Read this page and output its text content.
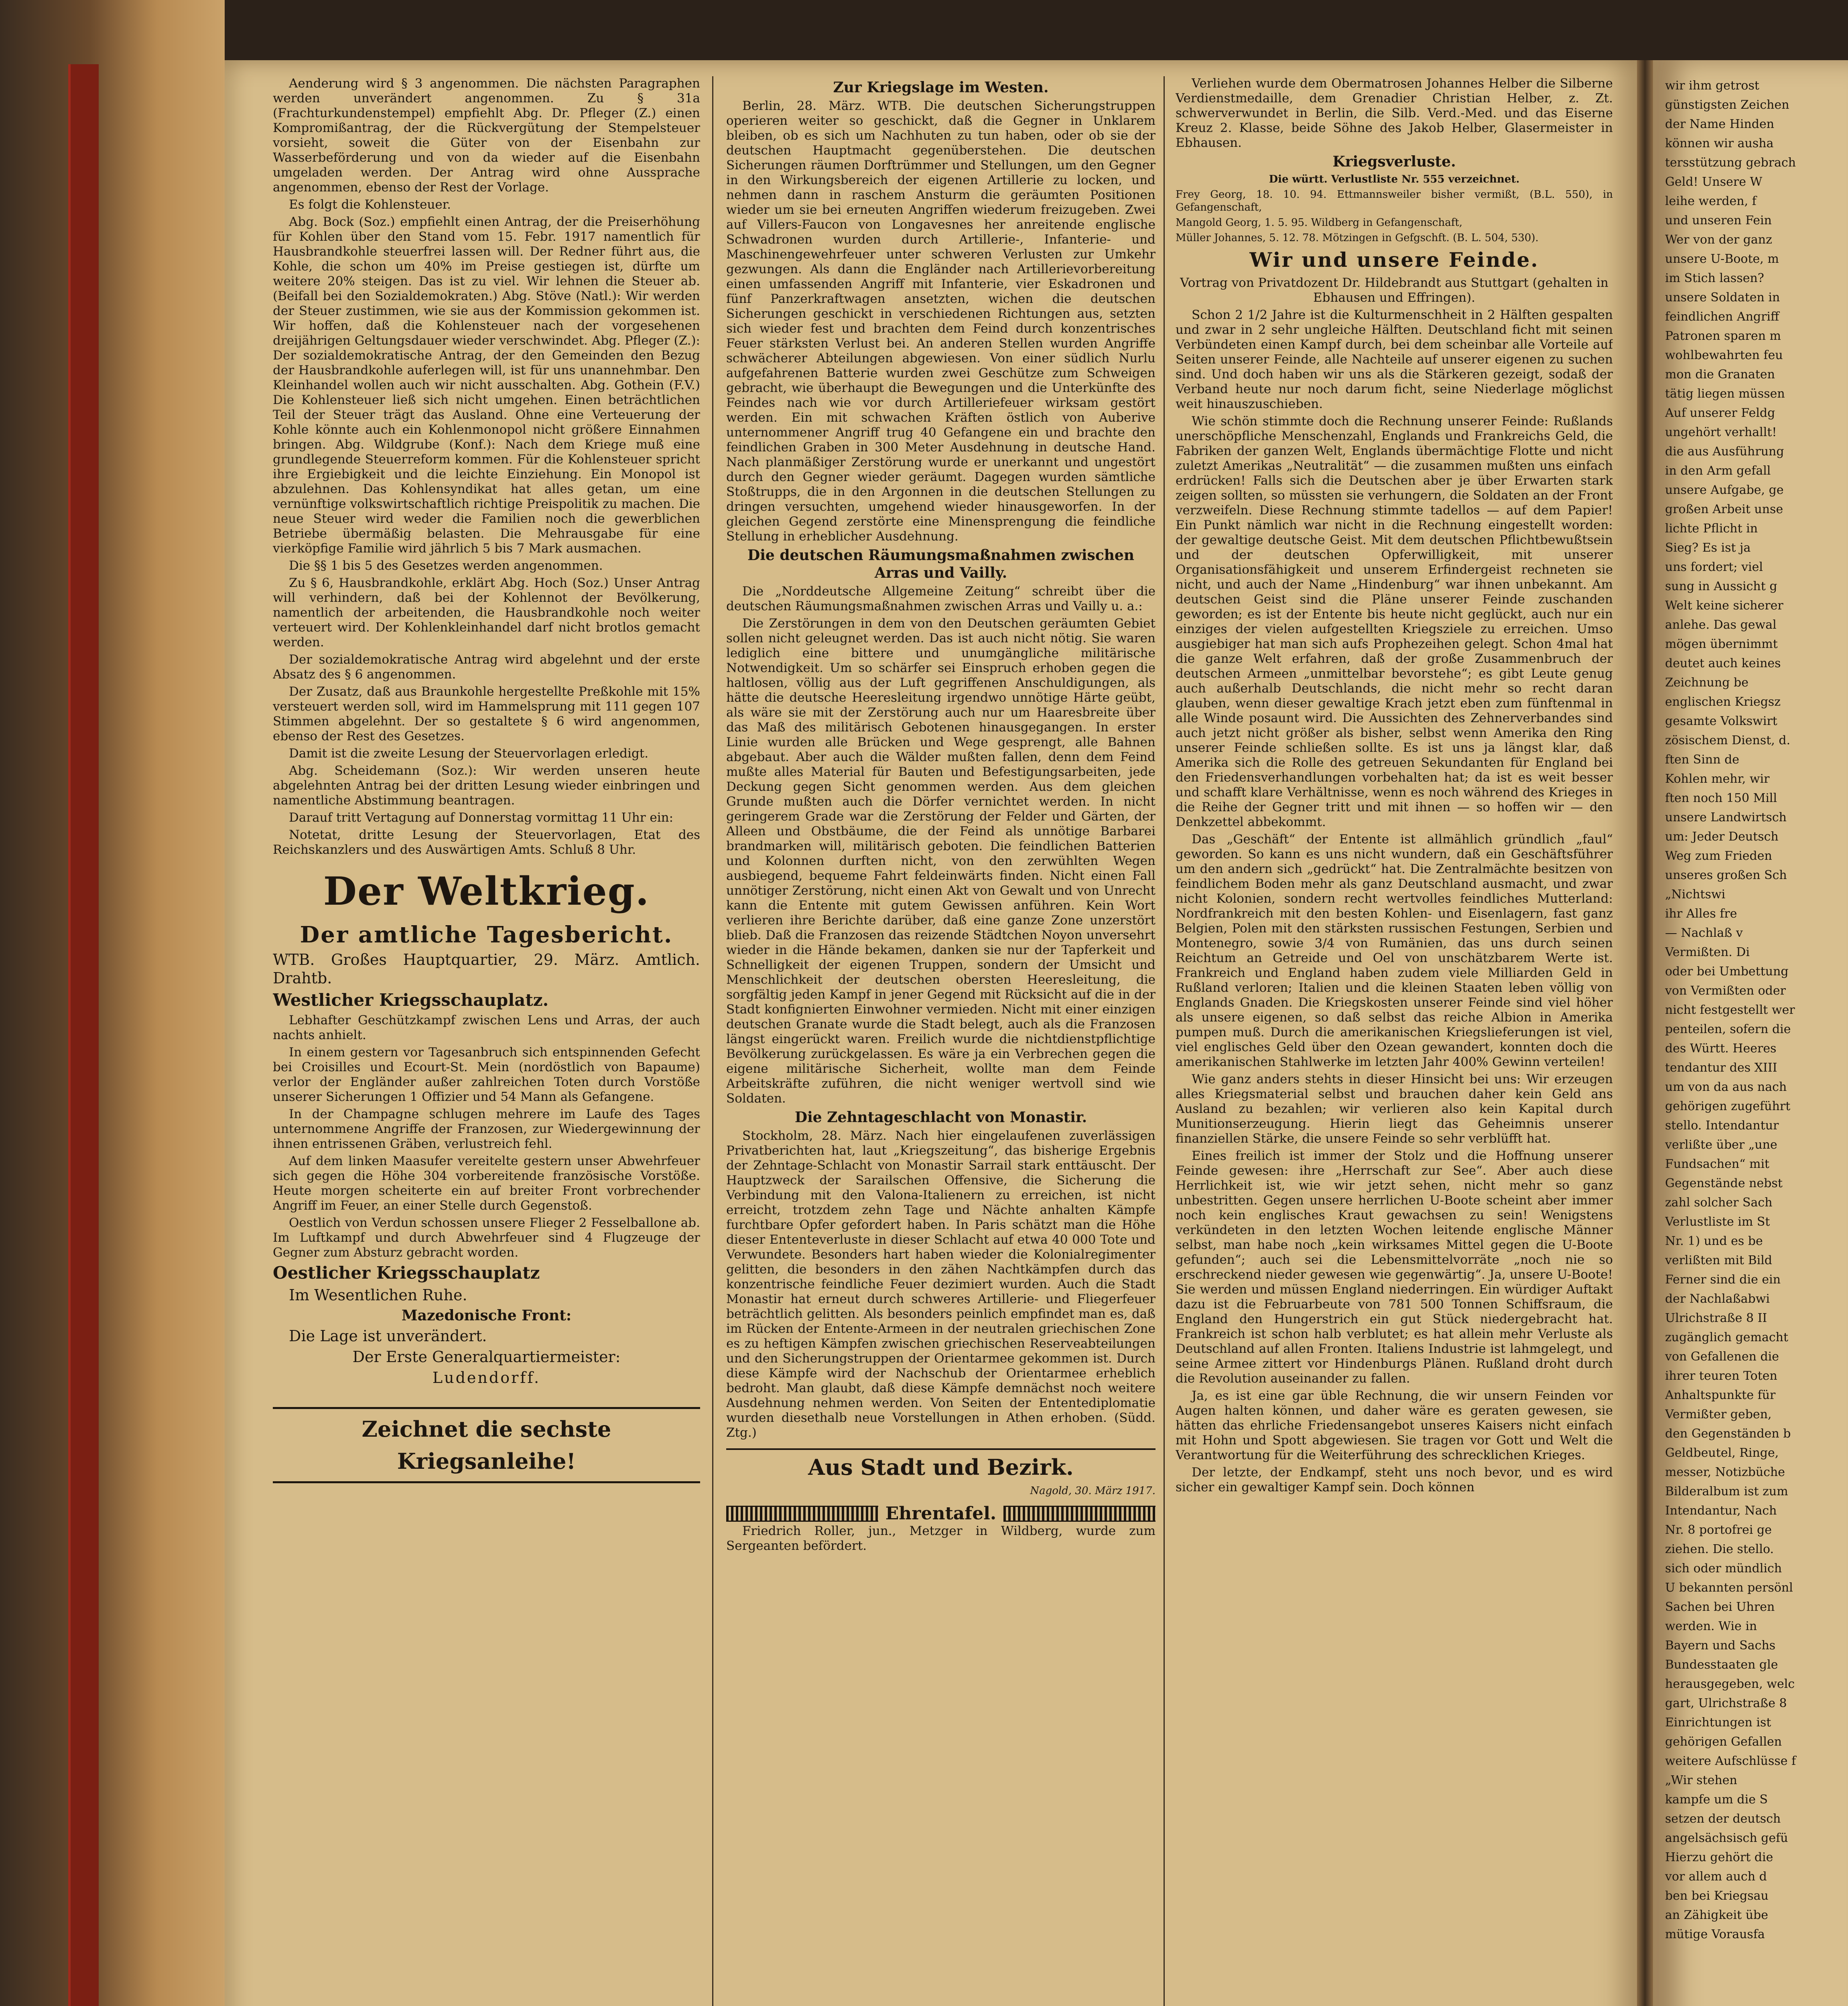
Aenderung wird § 3 angenommen. Die nächsten Paragraphen werden unverändert angenommen. Zu § 31a (Frachturkundenstempel) empfiehlt Abg. Dr. Pfleger (Z.) einen Kompromißantrag, der die Rückvergütung der Stempelsteuer vorsieht, soweit die Güter von der Eisenbahn zur Wasserbeförderung und von da wieder auf die Eisenbahn umgeladen werden. Der Antrag wird ohne Aussprache angenommen, ebenso der Rest der Vorlage.

Es folgt die Kohlensteuer.

Abg. Bock (Soz.) empfiehlt einen Antrag, der die Preiserhöhung für Kohlen über den Stand vom 15. Febr. 1917 namentlich für Hausbrandkohle steuerfrei lassen will. Der Redner führt aus, die Kohle, die schon um 40% im Preise gestiegen ist, dürfte um weitere 20% steigen. Das ist zu viel. Wir lehnen die Steuer ab. (Beifall bei den Sozialdemokraten.) Abg. Stöve (Natl.): Wir werden der Steuer zustimmen, wie sie aus der Kommission gekommen ist. Wir hoffen, daß die Kohlensteuer nach der vorgesehenen dreijährigen Geltungsdauer wieder verschwindet. Abg. Pfleger (Z.): Der sozialdemokratische Antrag, der den Gemeinden den Bezug der Hausbrandkohle auferlegen will, ist für uns unannehmbar. Den Kleinhandel wollen auch wir nicht ausschalten. Abg. Gothein (F.V.) Die Kohlensteuer ließ sich nicht umgehen. Einen beträchtlichen Teil der Steuer trägt das Ausland. Ohne eine Verteuerung der Kohle könnte auch ein Kohlenmonopol nicht größere Einnahmen bringen. Abg. Wildgrube (Konf.): Nach dem Kriege muß eine grundlegende Steuerreform kommen. Für die Kohlensteuer spricht ihre Ergiebigkeit und die leichte Einziehung. Ein Monopol ist abzulehnen. Das Kohlensyndikat hat alles getan, um eine vernünftige volkswirtschaftlich richtige Preispolitik zu machen. Die neue Steuer wird weder die Familien noch die gewerblichen Betriebe übermäßig belasten. Die Mehrausgabe für eine vierköpfige Familie wird jährlich 5 bis 7 Mark ausmachen.

Die §§ 1 bis 5 des Gesetzes werden angenommen.

Zu § 6, Hausbrandkohle, erklärt Abg. Hoch (Soz.) Unser Antrag will verhindern, daß bei der Kohlennot der Bevölkerung, namentlich der arbeitenden, die Hausbrandkohle noch weiter verteuert wird. Der Kohlenkleinhandel darf nicht brotlos gemacht werden.

Der sozialdemokratische Antrag wird abgelehnt und der erste Absatz des § 6 angenommen.

Der Zusatz, daß aus Braunkohle hergestellte Preßkohle mit 15% versteuert werden soll, wird im Hammelsprung mit 111 gegen 107 Stimmen abgelehnt. Der so gestaltete § 6 wird angenommen, ebenso der Rest des Gesetzes.

Damit ist die zweite Lesung der Steuervorlagen erledigt.

Abg. Scheidemann (Soz.): Wir werden unseren heute abgelehnten Antrag bei der dritten Lesung wieder einbringen und namentliche Abstimmung beantragen.

Darauf tritt Vertagung auf Donnerstag vormittag 11 Uhr ein:

Notetat, dritte Lesung der Steuervorlagen, Etat des Reichskanzlers und des Auswärtigen Amts. Schluß 8 Uhr.

Der Weltkrieg.
Der amtliche Tagesbericht.

WTB. Großes Hauptquartier, 29. März. Amtlich. Drahtb.

Westlicher Kriegsschauplatz.

Lebhafter Geschützkampf zwischen Lens und Arras, der auch nachts anhielt.

In einem gestern vor Tagesanbruch sich entspinnenden Gefecht bei Croisilles und Ecourt-St. Mein (nordöstlich von Bapaume) verlor der Engländer außer zahlreichen Toten durch Vorstöße unserer Sicherungen 1 Offizier und 54 Mann als Gefangene.

In der Champagne schlugen mehrere im Laufe des Tages unternommene Angriffe der Franzosen, zur Wiedergewinnung der ihnen entrissenen Gräben, verlustreich fehl.

Auf dem linken Maasufer vereitelte gestern unser Abwehrfeuer sich gegen die Höhe 304 vorbereitende französische Vorstöße. Heute morgen scheiterte ein auf breiter Front vorbrechender Angriff im Feuer, an einer Stelle durch Gegenstoß.

Oestlich von Verdun schossen unsere Flieger 2 Fesselballone ab. Im Luftkampf und durch Abwehrfeuer sind 4 Flugzeuge der Gegner zum Absturz gebracht worden.

Oestlicher Kriegsschauplatz

Im Wesentlichen Ruhe.

Mazedonische Front:

Die Lage ist unverändert.

Der Erste Generalquartiermeister:

Ludendorff.

Zeichnet die sechste Kriegsanleihe!
Zur Kriegslage im Westen.

Berlin, 28. März. WTB. Die deutschen Sicherungstruppen operieren weiter so geschickt, daß die Gegner in Unklarem bleiben, ob es sich um Nachhuten zu tun haben, oder ob sie der deutschen Hauptmacht gegenüberstehen. Die deutschen Sicherungen räumen Dorftrümmer und Stellungen, um den Gegner in den Wirkungsbereich der eigenen Artillerie zu locken, und nehmen dann in raschem Ansturm die geräumten Positionen wieder um sie bei erneuten Angriffen wiederum freizugeben. Zwei auf Villers-Faucon von Longavesnes her anreitende englische Schwadronen wurden durch Artillerie-, Infanterie- und Maschinengewehrfeuer unter schweren Verlusten zur Umkehr gezwungen. Als dann die Engländer nach Artillerievorbereitung einen umfassenden Angriff mit Infanterie, vier Eskadronen und fünf Panzerkraftwagen ansetzten, wichen die deutschen Sicherungen geschickt in verschiedenen Richtungen aus, setzten sich wieder fest und brachten dem Feind durch konzentrisches Feuer stärksten Verlust bei. An anderen Stellen wurden Angriffe schwächerer Abteilungen abgewiesen. Von einer südlich Nurlu aufgefahrenen Batterie wurden zwei Geschütze zum Schweigen gebracht, wie überhaupt die Bewegungen und die Unterkünfte des Feindes nach wie vor durch Artilleriefeuer wirksam gestört werden. Ein mit schwachen Kräften östlich von Auberive unternommener Angriff trug 40 Gefangene ein und brachte den feindlichen Graben in 300 Meter Ausdehnung in deutsche Hand. Nach planmäßiger Zerstörung wurde er unerkannt und ungestört durch den Gegner wieder geräumt. Dagegen wurden sämtliche Stoßtrupps, die in den Argonnen in die deutschen Stellungen zu dringen versuchten, umgehend wieder hinausgeworfen. In der gleichen Gegend zerstörte eine Minensprengung die feindliche Stellung in erheblicher Ausdehnung.

Die deutschen Räumungsmaßnahmen zwischen Arras und Vailly.

Die „Norddeutsche Allgemeine Zeitung“ schreibt über die deutschen Räumungsmaßnahmen zwischen Arras und Vailly u. a.:

Die Zerstörungen in dem von den Deutschen geräumten Gebiet sollen nicht geleugnet werden. Das ist auch nicht nötig. Sie waren lediglich eine bittere und unumgängliche militärische Notwendigkeit. Um so schärfer sei Einspruch erhoben gegen die haltlosen, völlig aus der Luft gegriffenen Anschuldigungen, als hätte die deutsche Heeresleitung irgendwo unnötige Härte geübt, als wäre sie mit der Zerstörung auch nur um Haaresbreite über das Maß des militärisch Gebotenen hinausgegangen. In erster Linie wurden alle Brücken und Wege gesprengt, alle Bahnen abgebaut. Aber auch die Wälder mußten fallen, denn dem Feind mußte alles Material für Bauten und Befestigungsarbeiten, jede Deckung gegen Sicht genommen werden. Aus dem gleichen Grunde mußten auch die Dörfer vernichtet werden. In nicht geringerem Grade war die Zerstörung der Felder und Gärten, der Alleen und Obstbäume, die der Feind als unnötige Barbarei brandmarken will, militärisch geboten. Die feindlichen Batterien und Kolonnen durften nicht, von den zerwühlten Wegen ausbiegend, bequeme Fahrt feldeinwärts finden. Nicht einen Fall unnötiger Zerstörung, nicht einen Akt von Gewalt und von Unrecht kann die Entente mit gutem Gewissen anführen. Kein Wort verlieren ihre Berichte darüber, daß eine ganze Zone unzerstört blieb. Daß die Franzosen das reizende Städtchen Noyon unversehrt wieder in die Hände bekamen, danken sie nur der Tapferkeit und Schnelligkeit der eigenen Truppen, sondern der Umsicht und Menschlichkeit der deutschen obersten Heeresleitung, die sorgfältig jeden Kampf in jener Gegend mit Rücksicht auf die in der Stadt konfignierten Einwohner vermieden. Nicht mit einer einzigen deutschen Granate wurde die Stadt belegt, auch als die Franzosen längst eingerückt waren. Freilich wurde die nichtdienstpflichtige Bevölkerung zurückgelassen. Es wäre ja ein Verbrechen gegen die eigene militärische Sicherheit, wollte man dem Feinde Arbeitskräfte zuführen, die nicht weniger wertvoll sind wie Soldaten.

Die Zehntageschlacht von Monastir.

Stockholm, 28. März. Nach hier eingelaufenen zuverlässigen Privatberichten hat, laut „Kriegszeitung“, das bisherige Ergebnis der Zehntage-Schlacht von Monastir Sarrail stark enttäuscht. Der Hauptzweck der Sarailschen Offensive, die Sicherung die Verbindung mit den Valona-Italienern zu erreichen, ist nicht erreicht, trotzdem zehn Tage und Nächte anhalten Kämpfe furchtbare Opfer gefordert haben. In Paris schätzt man die Höhe dieser Ententeverluste in dieser Schlacht auf etwa 40 000 Tote und Verwundete. Besonders hart haben wieder die Kolonialregimenter gelitten, die besonders in den zähen Nachtkämpfen durch das konzentrische feindliche Feuer dezimiert wurden. Auch die Stadt Monastir hat erneut durch schweres Artillerie- und Fliegerfeuer beträchtlich gelitten. Als besonders peinlich empfindet man es, daß im Rücken der Entente-Armeen in der neutralen griechischen Zone es zu heftigen Kämpfen zwischen griechischen Reserveabteilungen und den Sicherungstruppen der Orientarmee gekommen ist. Durch diese Kämpfe wird der Nachschub der Orientarmee erheblich bedroht. Man glaubt, daß diese Kämpfe demnächst noch weitere Ausdehnung nehmen werden. Von Seiten der Ententediplomatie wurden diesethalb neue Vorstellungen in Athen erhoben. (Südd. Ztg.)

Aus Stadt und Bezirk.

Nagold, 30. März 1917.

Ehrentafel.

Friedrich Roller, jun., Metzger in Wildberg, wurde zum Sergeanten befördert.

Verliehen wurde dem Obermatrosen Johannes Helber die Silberne Verdienstmedaille, dem Grenadier Christian Helber, z. Zt. schwerverwundet in Berlin, die Silb. Verd.-Med. und das Eiserne Kreuz 2. Klasse, beide Söhne des Jakob Helber, Glasermeister in Ebhausen.

Kriegsverluste.

Die württ. Verlustliste Nr. 555 verzeichnet.

Frey Georg, 18. 10. 94. Ettmannsweiler bisher vermißt, (B.L. 550), in Gefangenschaft,

Mangold Georg, 1. 5. 95. Wildberg in Gefangenschaft,

Müller Johannes, 5. 12. 78. Mötzingen in Gefgschft. (B. L. 504, 530).

Wir und unsere Feinde.

Vortrag von Privatdozent Dr. Hildebrandt aus Stuttgart (gehalten in Ebhausen und Effringen).

Schon 2 1/2 Jahre ist die Kulturmenschheit in 2 Hälften gespalten und zwar in 2 sehr ungleiche Hälften. Deutschland ficht mit seinen Verbündeten einen Kampf durch, bei dem scheinbar alle Vorteile auf Seiten unserer Feinde, alle Nachteile auf unserer eigenen zu suchen sind. Und doch haben wir uns als die Stärkeren gezeigt, sodaß der Verband heute nur noch darum ficht, seine Niederlage möglichst weit hinauszuschieben.

Wie schön stimmte doch die Rechnung unserer Feinde: Rußlands unerschöpfliche Menschenzahl, Englands und Frankreichs Geld, die Fabriken der ganzen Welt, Englands übermächtige Flotte und nicht zuletzt Amerikas „Neutralität“ — die zusammen mußten uns einfach erdrücken! Falls sich die Deutschen aber je über Erwarten stark zeigen sollten, so müssten sie verhungern, die Soldaten an der Front verzweifeln. Diese Rechnung stimmte tadellos — auf dem Papier! Ein Punkt nämlich war nicht in die Rechnung eingestellt worden: der gewaltige deutsche Geist. Mit dem deutschen Pflichtbewußtsein und der deutschen Opferwilligkeit, mit unserer Organisationsfähigkeit und unserem Erfindergeist rechneten sie nicht, und auch der Name „Hindenburg“ war ihnen unbekannt. Am deutschen Geist sind die Pläne unserer Feinde zuschanden geworden; es ist der Entente bis heute nicht geglückt, auch nur ein einziges der vielen aufgestellten Kriegsziele zu erreichen. Umso ausgiebiger hat man sich aufs Prophezeihen gelegt. Schon 4mal hat die ganze Welt erfahren, daß der große Zusammenbruch der deutschen Armeen „unmittelbar bevorstehe“; es gibt Leute genug auch außerhalb Deutschlands, die nicht mehr so recht daran glauben, wenn dieser gewaltige Krach jetzt eben zum fünftenmal in alle Winde posaunt wird. Die Aussichten des Zehnerverbandes sind auch jetzt nicht größer als bisher, selbst wenn Amerika den Ring unserer Feinde schließen sollte. Es ist uns ja längst klar, daß Amerika sich die Rolle des getreuen Sekundanten für England bei den Friedensverhandlungen vorbehalten hat; da ist es weit besser und schafft klare Verhältnisse, wenn es noch während des Krieges in die Reihe der Gegner tritt und mit ihnen — so hoffen wir — den Denkzettel abbekommt.

Das „Geschäft“ der Entente ist allmählich gründlich „faul“ geworden. So kann es uns nicht wundern, daß ein Geschäftsführer um den andern sich „gedrückt“ hat. Die Zentralmächte besitzen von feindlichem Boden mehr als ganz Deutschland ausmacht, und zwar nicht Kolonien, sondern recht wertvolles feindliches Mutterland: Nordfrankreich mit den besten Kohlen- und Eisenlagern, fast ganz Belgien, Polen mit den stärksten russischen Festungen, Serbien und Montenegro, sowie 3/4 von Rumänien, das uns durch seinen Reichtum an Getreide und Oel von unschätzbarem Werte ist. Frankreich und England haben zudem viele Milliarden Geld in Rußland verloren; Italien und die kleinen Staaten leben völlig von Englands Gnaden. Die Kriegskosten unserer Feinde sind viel höher als unsere eigenen, so daß selbst das reiche Albion in Amerika pumpen muß. Durch die amerikanischen Kriegslieferungen ist viel, viel englisches Geld über den Ozean gewandert, konnten doch die amerikanischen Stahlwerke im letzten Jahr 400% Gewinn verteilen!

Wie ganz anders stehts in dieser Hinsicht bei uns: Wir erzeugen alles Kriegsmaterial selbst und brauchen daher kein Geld ans Ausland zu bezahlen; wir verlieren also kein Kapital durch Munitionserzeugung. Hierin liegt das Geheimnis unserer finanziellen Stärke, die unsere Feinde so sehr verblüfft hat.

Eines freilich ist immer der Stolz und die Hoffnung unserer Feinde gewesen: ihre „Herrschaft zur See“. Aber auch diese Herrlichkeit ist, wie wir jetzt sehen, nicht mehr so ganz unbestritten. Gegen unsere herrlichen U-Boote scheint aber immer noch kein englisches Kraut gewachsen zu sein! Wenigstens verkündeten in den letzten Wochen leitende englische Männer selbst, man habe noch „kein wirksames Mittel gegen die U-Boote gefunden“; auch sei die Lebensmittelvorräte „noch nie so erschreckend nieder gewesen wie gegenwärtig“. Ja, unsere U-Boote! Sie werden und müssen England niederringen. Ein würdiger Auftakt dazu ist die Februarbeute von 781 500 Tonnen Schiffsraum, die England den Hungerstrich ein gut Stück niedergebracht hat. Frankreich ist schon halb verblutet; es hat allein mehr Verluste als Deutschland auf allen Fronten. Italiens Industrie ist lahmgelegt, und seine Armee zittert vor Hindenburgs Plänen. Rußland droht durch die Revolution auseinander zu fallen.

Ja, es ist eine gar üble Rechnung, die wir unsern Feinden vor Augen halten können, und daher wäre es geraten gewesen, sie hätten das ehrliche Friedensangebot unseres Kaisers nicht einfach mit Hohn und Spott abgewiesen. Sie tragen vor Gott und Welt die Verantwortung für die Weiterführung des schrecklichen Krieges.

Der letzte, der Endkampf, steht uns noch bevor, und es wird sicher ein gewaltiger Kampf sein. Doch können

wir ihm getrost
günstigsten Zeichen
der Name Hinden
können wir ausha
tersstützung gebrach
Geld! Unsere W
leihe werden, f
und unseren Fein
Wer von der ganz
unsere U-Boote, m
im Stich lassen?
unsere Soldaten in
feindlichen Angriff
Patronen sparen m
wohlbewahrten feu
mon die Granaten
tätig liegen müssen
Auf unserer Feldg
ungehört verhallt!
die aus Ausführung
in den Arm gefall
unsere Aufgabe, ge
großen Arbeit unse
lichte Pflicht in
Sieg? Es ist ja
uns fordert; viel
sung in Aussicht g
Welt keine sicherer
anlehe. Das gewal
mögen übernimmt
deutet auch keines
Zeichnung be
englischen Kriegsz
gesamte Volkswirt
zösischem Dienst, d.
ften Sinn de
Kohlen mehr, wir
ften noch 150 Mill
unsere Landwirtsch
um: Jeder Deutsch
Weg zum Frieden
unseres großen Sch
„Nichtswi
ihr Alles fre
— Nachlaß v
Vermißten. Di
oder bei Umbettung
von Vermißten oder
nicht festgestellt wer
penteilen, sofern die
des Württ. Heeres
tendantur des XIII
um von da aus nach
gehörigen zugeführt
stello. Intendantur
verlißte über „une
Fundsachen“ mit
Gegenstände nebst
zahl solcher Sach
Verlustliste im St
Nr. 1) und es be
verlißten mit Bild
Ferner sind die ein
der Nachlaßabwi
Ulrichstraße 8 II
zugänglich gemacht
von Gefallenen die
ihrer teuren Toten
Anhaltspunkte für
Vermißter geben,
den Gegenständen b
Geldbeutel, Ringe,
messer, Notizbüche
Bilderalbum ist zum
Intendantur, Nach
Nr. 8 portofrei ge
ziehen. Die stello.
sich oder mündlich
U bekannten persönl
Sachen bei Uhren
werden. Wie in
Bayern und Sachs
Bundesstaaten gle
herausgegeben, welc
gart, Ulrichstraße 8
Einrichtungen ist
gehörigen Gefallen
weitere Aufschlüsse f
„Wir stehen
kampfe um die S
setzen der deutsch
angelsächsisch gefü
Hierzu gehört die
vor allem auch d
ben bei Kriegsau
an Zähigkeit übe
mütige Vorausfa
